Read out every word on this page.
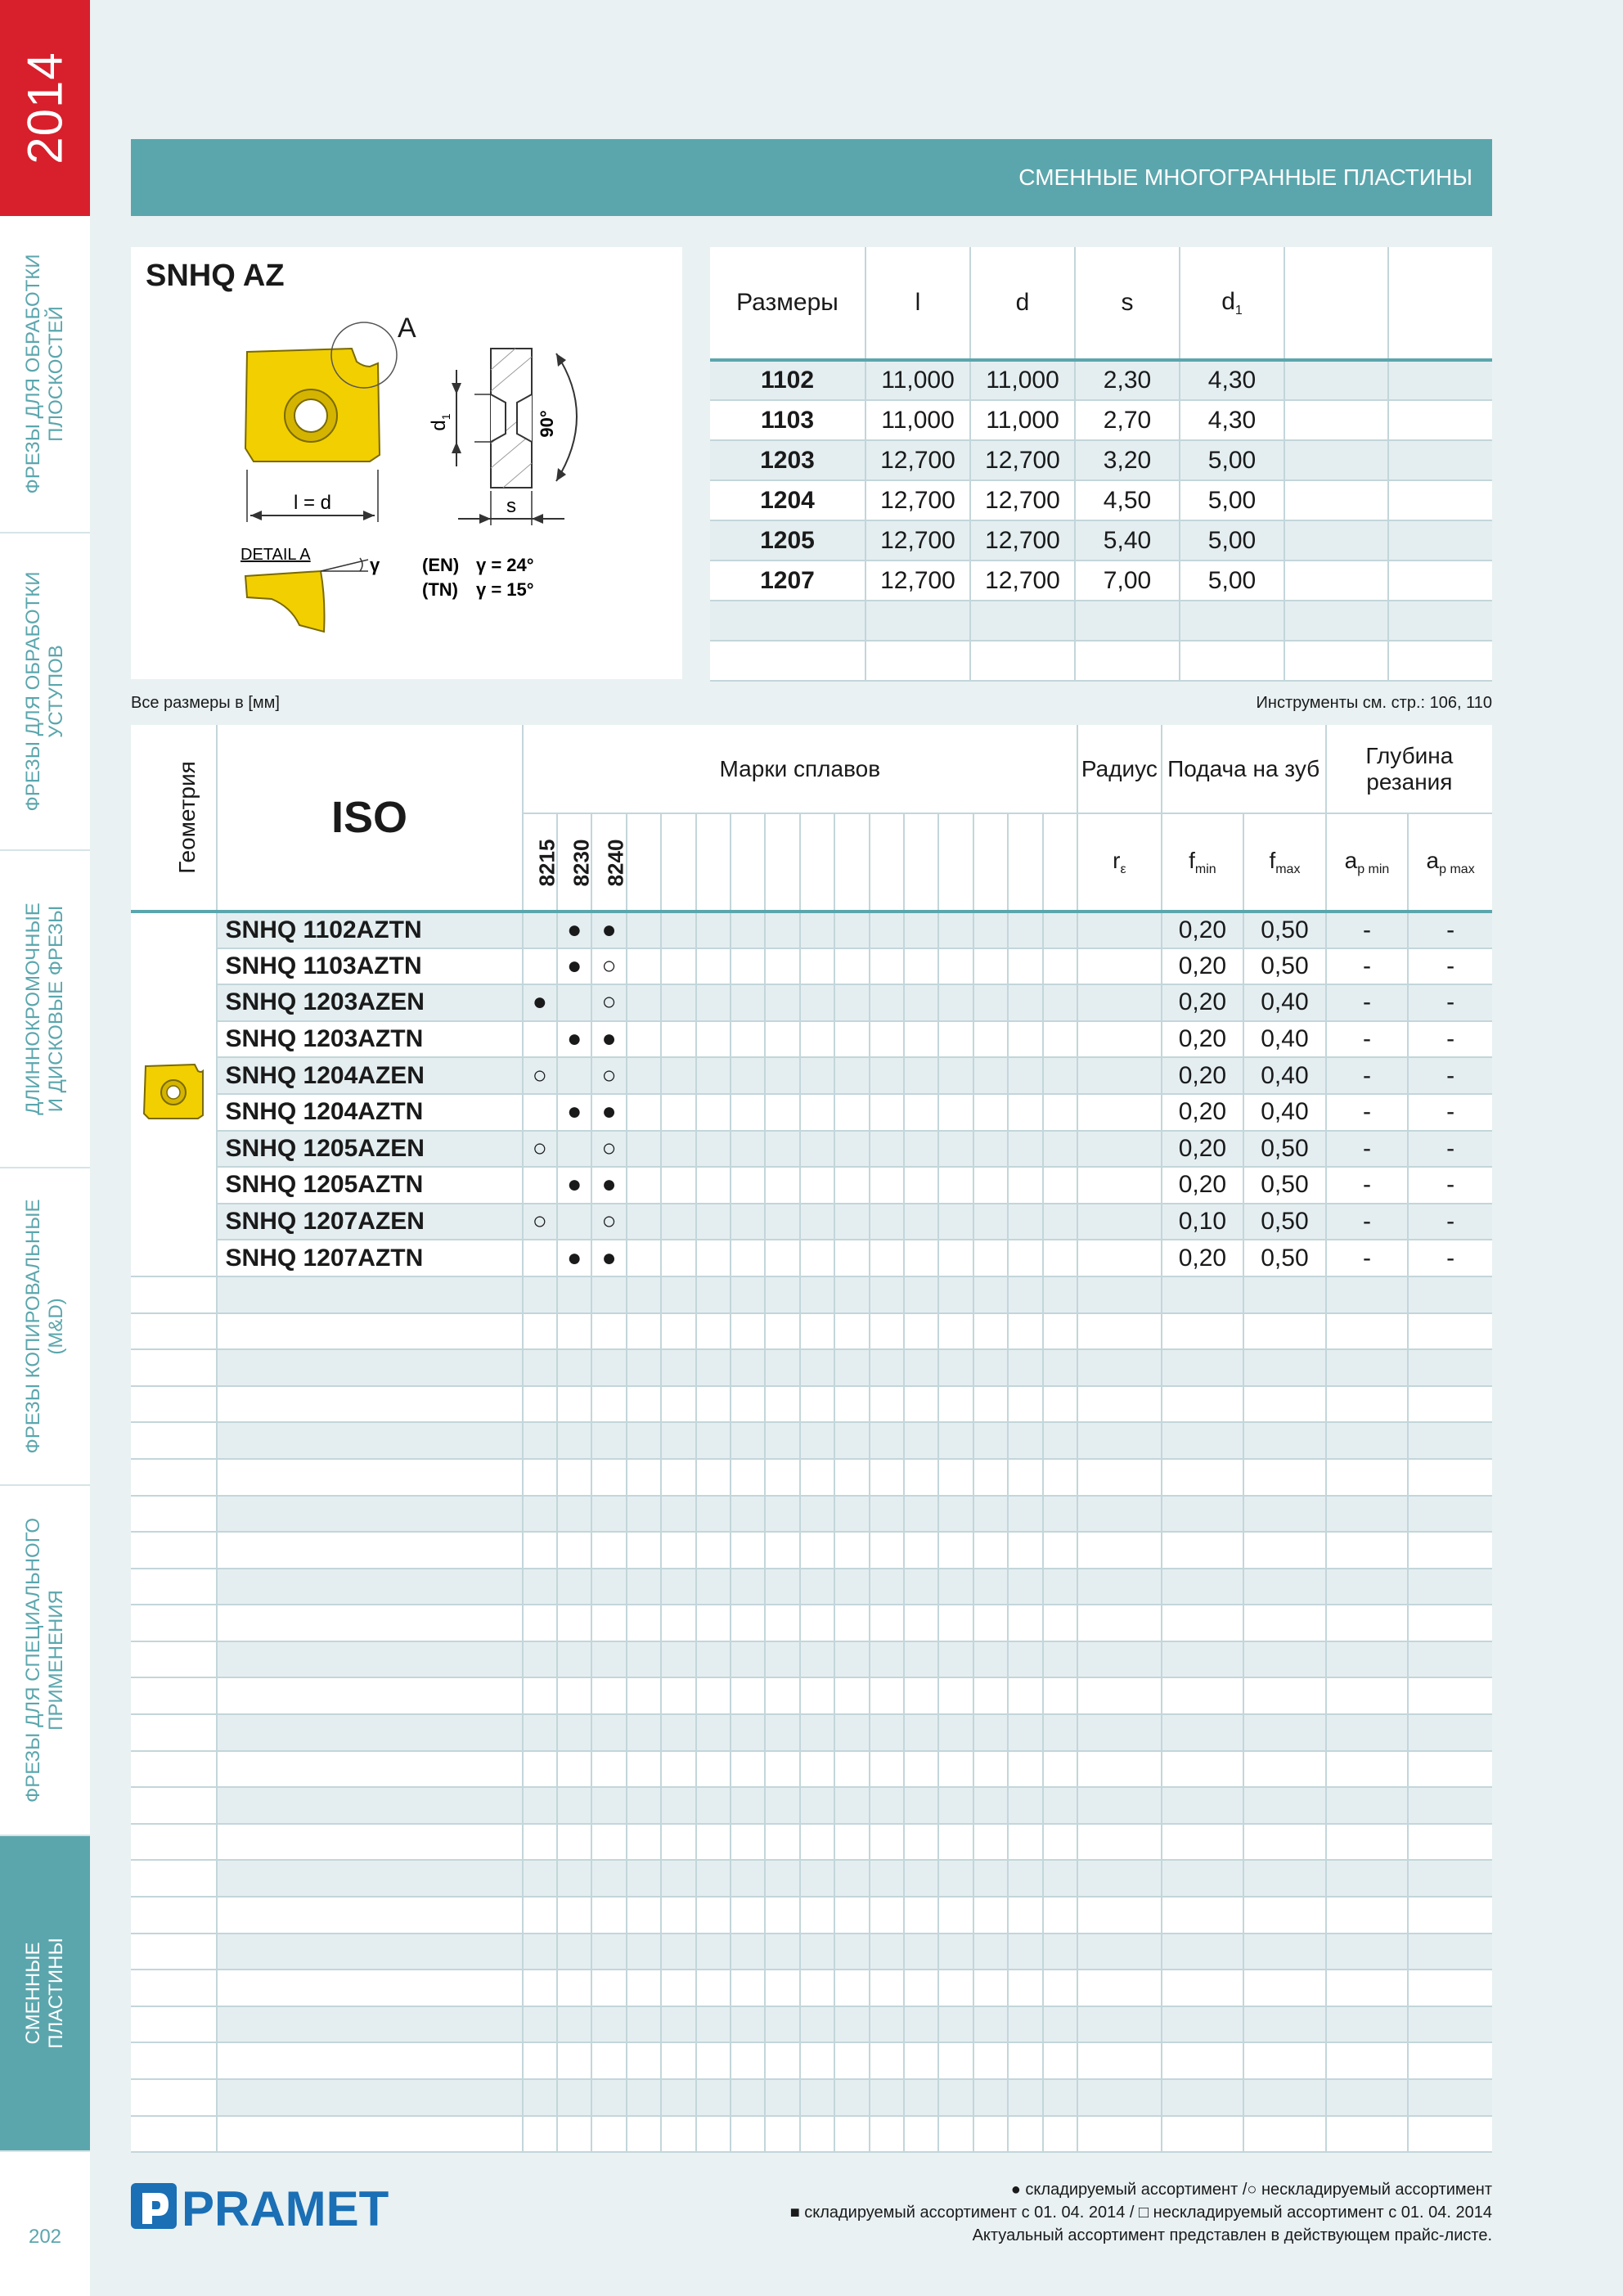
2014
ФРЕЗЫ ДЛЯ ОБРАБОТКИ
ПЛОСКОСТЕЙ
ФРЕЗЫ ДЛЯ ОБРАБОТКИ
УСТУПОВ
ДЛИННОКРОМОЧНЫЕ
И ДИСКОВЫЕ ФРЕЗЫ
ФРЕЗЫ КОПИРОВАЛЬНЫЕ
(M&D)
ФРЕЗЫ ДЛЯ СПЕЦИАЛЬНОГО
ПРИМЕНЕНИЯ
СМЕННЫЕ
ПЛАСТИНЫ
202
СМЕННЫЕ МНОГОГРАННЫЕ ПЛАСТИНЫ
A
l = d
$d_1$	90°
s
DETAIL A	γ (EN) γ = 24°
(TN) γ = 15°
SNHQ AZ
Размеры	l	d	s	$d_1$		
1102	11,000	11,000	2,30	4,30		
1103	11,000	11,000	2,70	4,30		
1203	12,700	12,700	3,20	5,00		
1204	12,700	12,700	4,50	5,00		
1205	12,700	12,700	5,40	5,00		
1207	12,700	12,700	7,00	5,00		

Все размеры в [мм]	Инструменты см. стр.: 106, 110
Геометрия	ISO	Марки сплавов																Радиус	Подача на зуб		Глубина резания	
		8215	8230	8240														$r_\varepsilon$	$f_{min}$	$f_{max}$	$a_{p min}$	$a_{p max}$
	SNHQ 1102AZTN		●	●															0,20	0,50	-	-
	SNHQ 1103AZTN		●	○															0,20	0,50	-	-
	SNHQ 1203AZEN	●		○															0,20	0,40	-	-
	SNHQ 1203AZTN		●	●															0,20	0,40	-	-
	SNHQ 1204AZEN	○		○															0,20	0,40	-	-
	SNHQ 1204AZTN		●	●															0,20	0,40	-	-
	SNHQ 1205AZEN	○		○															0,20	0,50	-	-
	SNHQ 1205AZTN		●	●															0,20	0,50	-	-
	SNHQ 1207AZEN	○		○															0,10	0,50	-	-
	SNHQ 1207AZTN		●	●															0,20	0,50	-	-

PRAMET	● складируемый ассортимент /○ нескладируемый ассортимент
■ складируемый ассортимент с 01. 04. 2014 / □ нескладируемый ассортимент с 01. 04. 2014
Актуальный ассортимент представлен в действующем прайс-листе.
